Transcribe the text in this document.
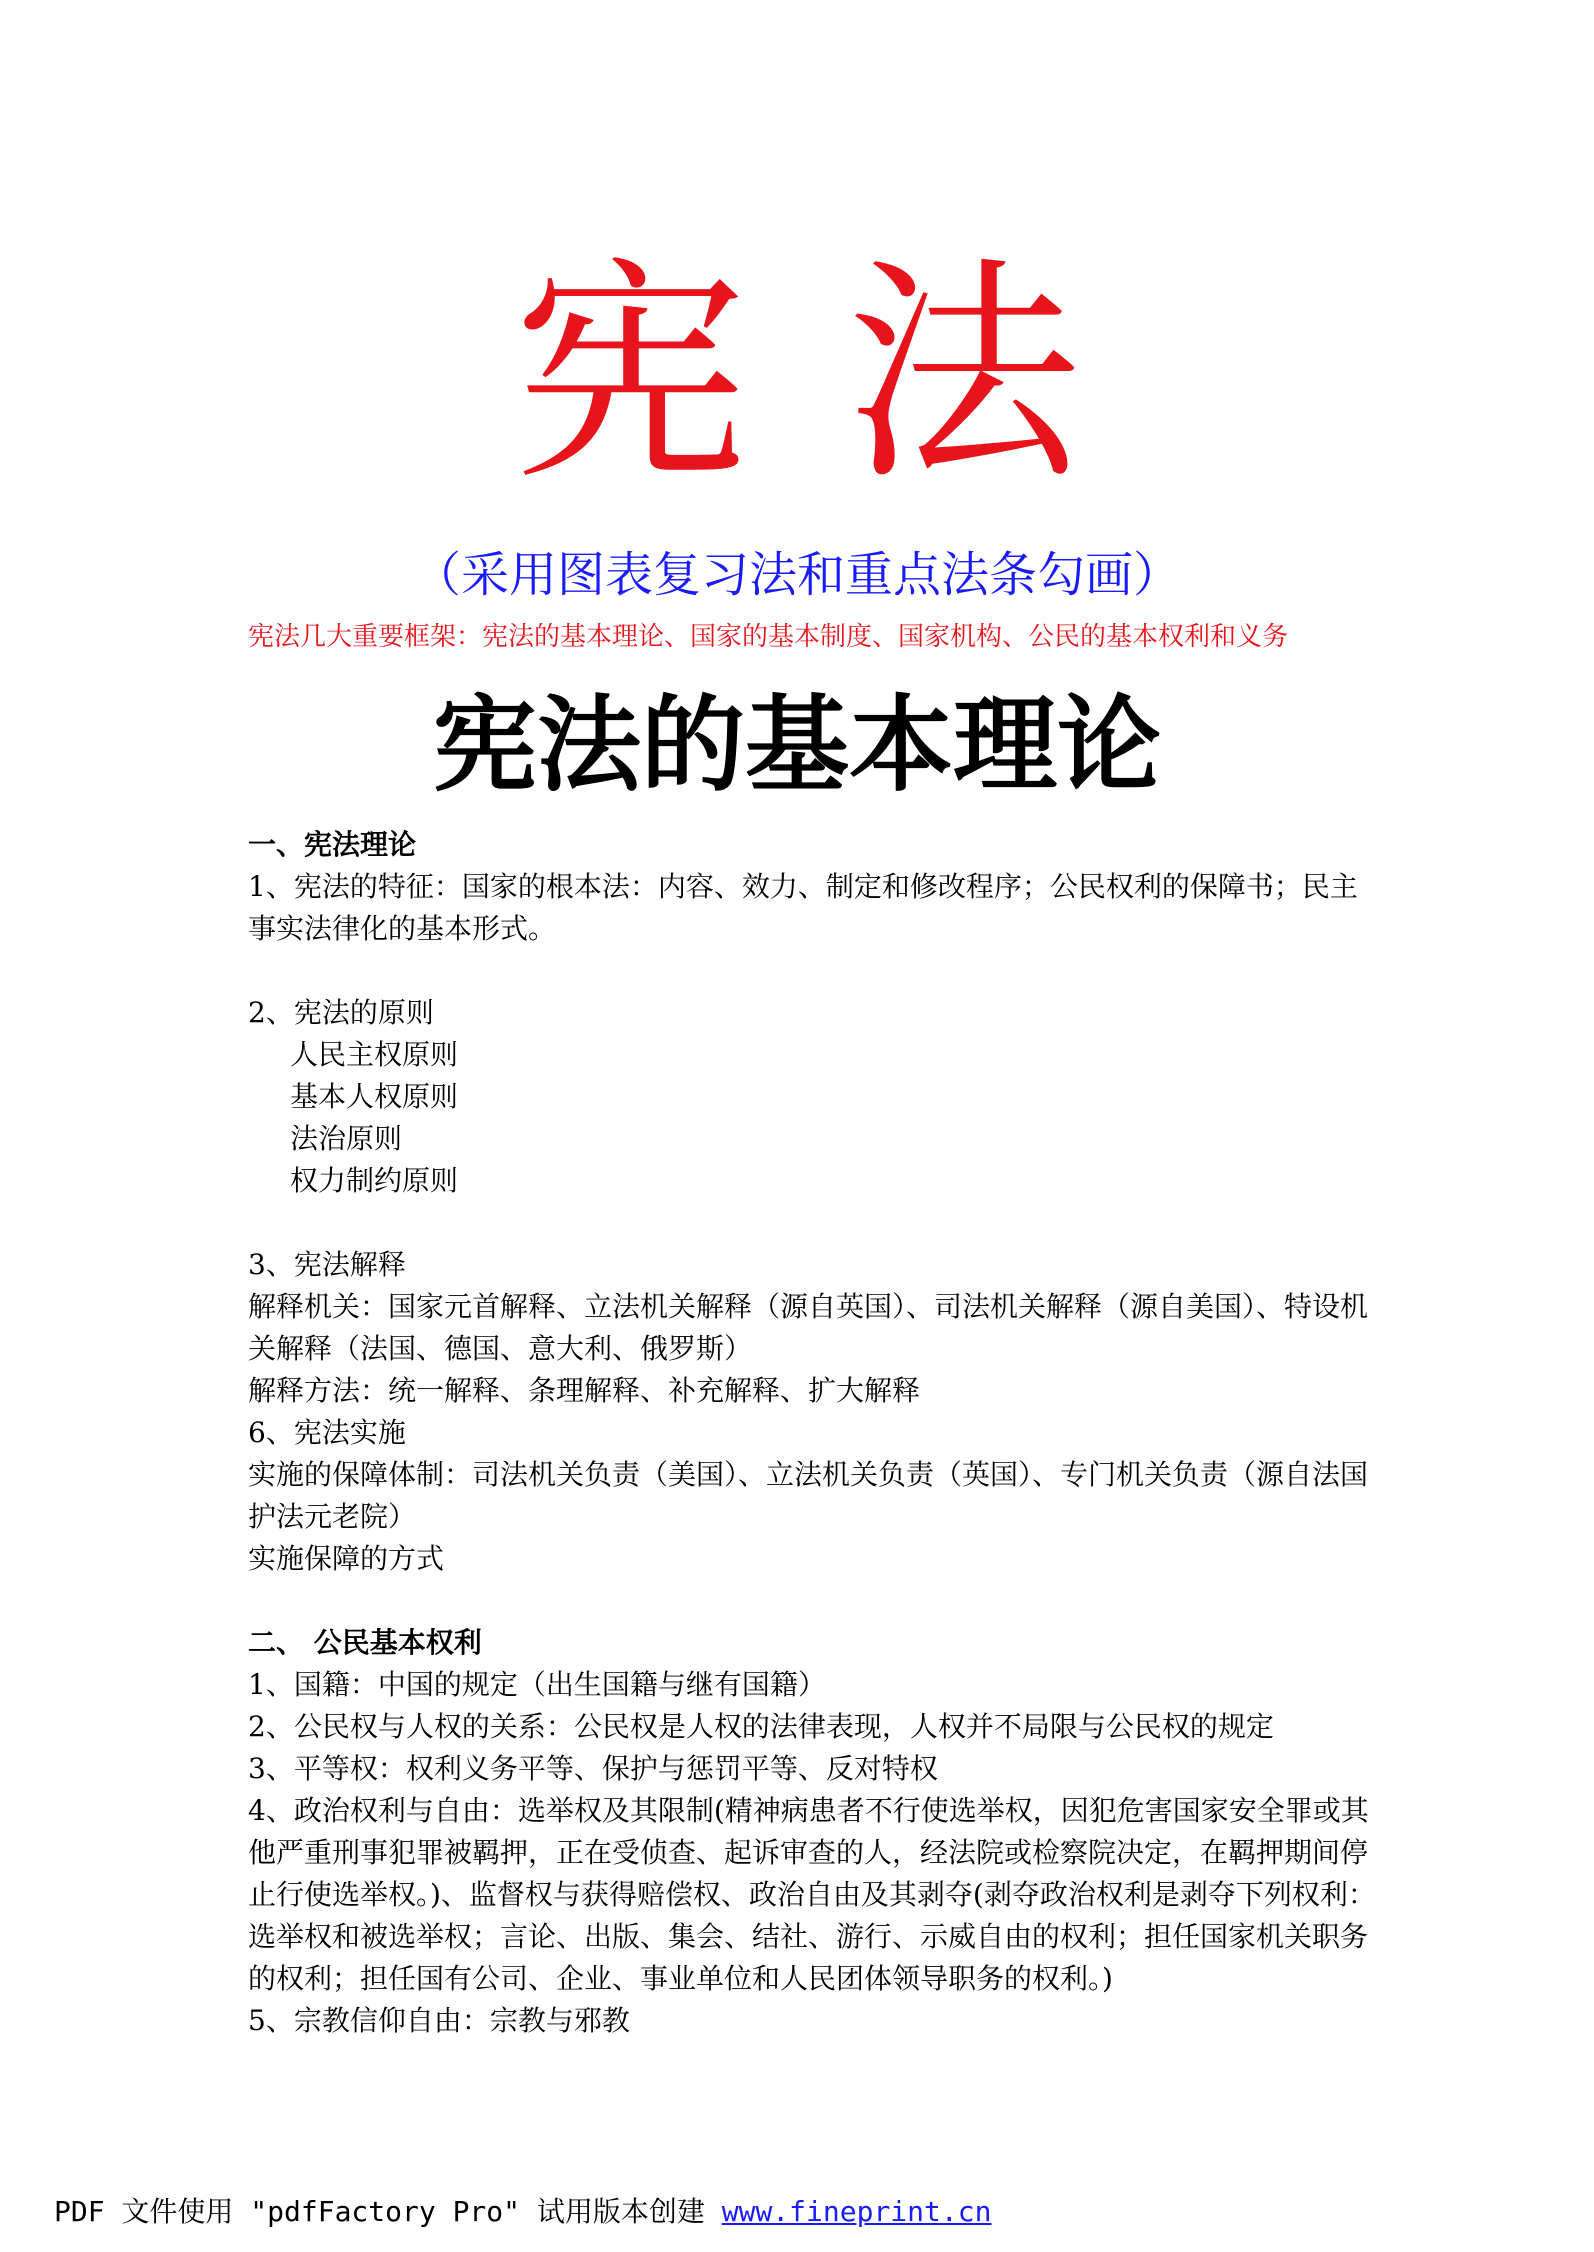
宪法
（采用图表复习法和重点法条勾画）
宪法几大重要框架：宪法的基本理论、国家的基本制度、国家机构、公民的基本权利和义务
宪法的基本理论
一、宪法理论
1、宪法的特征：国家的根本法：内容、效力、制定和修改程序；公民权利的保障书；民主
事实法律化的基本形式。
2、宪法的原则
人民主权原则
基本人权原则
法治原则
权力制约原则
3、宪法解释
解释机关：国家元首解释、立法机关解释（源自英国）、司法机关解释（源自美国）、特设机
关解释（法国、德国、意大利、俄罗斯）
解释方法：统一解释、条理解释、补充解释、扩大解释
6、宪法实施
实施的保障体制：司法机关负责（美国）、立法机关负责（英国）、专门机关负责（源自法国
护法元老院）
实施保障的方式
二、 公民基本权利
1、国籍：中国的规定（出生国籍与继有国籍）
2、公民权与人权的关系：公民权是人权的法律表现，人权并不局限与公民权的规定
3、平等权：权利义务平等、保护与惩罚平等、反对特权
4、政治权利与自由：选举权及其限制(精神病患者不行使选举权，因犯危害国家安全罪或其
他严重刑事犯罪被羁押，正在受侦查、起诉审查的人，经法院或检察院决定，在羁押期间停
止行使选举权。)、监督权与获得赔偿权、政治自由及其剥夺(剥夺政治权利是剥夺下列权利：
选举权和被选举权；言论、出版、集会、结社、游行、示威自由的权利；担任国家机关职务
的权利；担任国有公司、企业、事业单位和人民团体领导职务的权利。)
5、宗教信仰自由：宗教与邪教
PDF 文件使用 "pdfFactory Pro" 试用版本创建 www.fineprint.cn
